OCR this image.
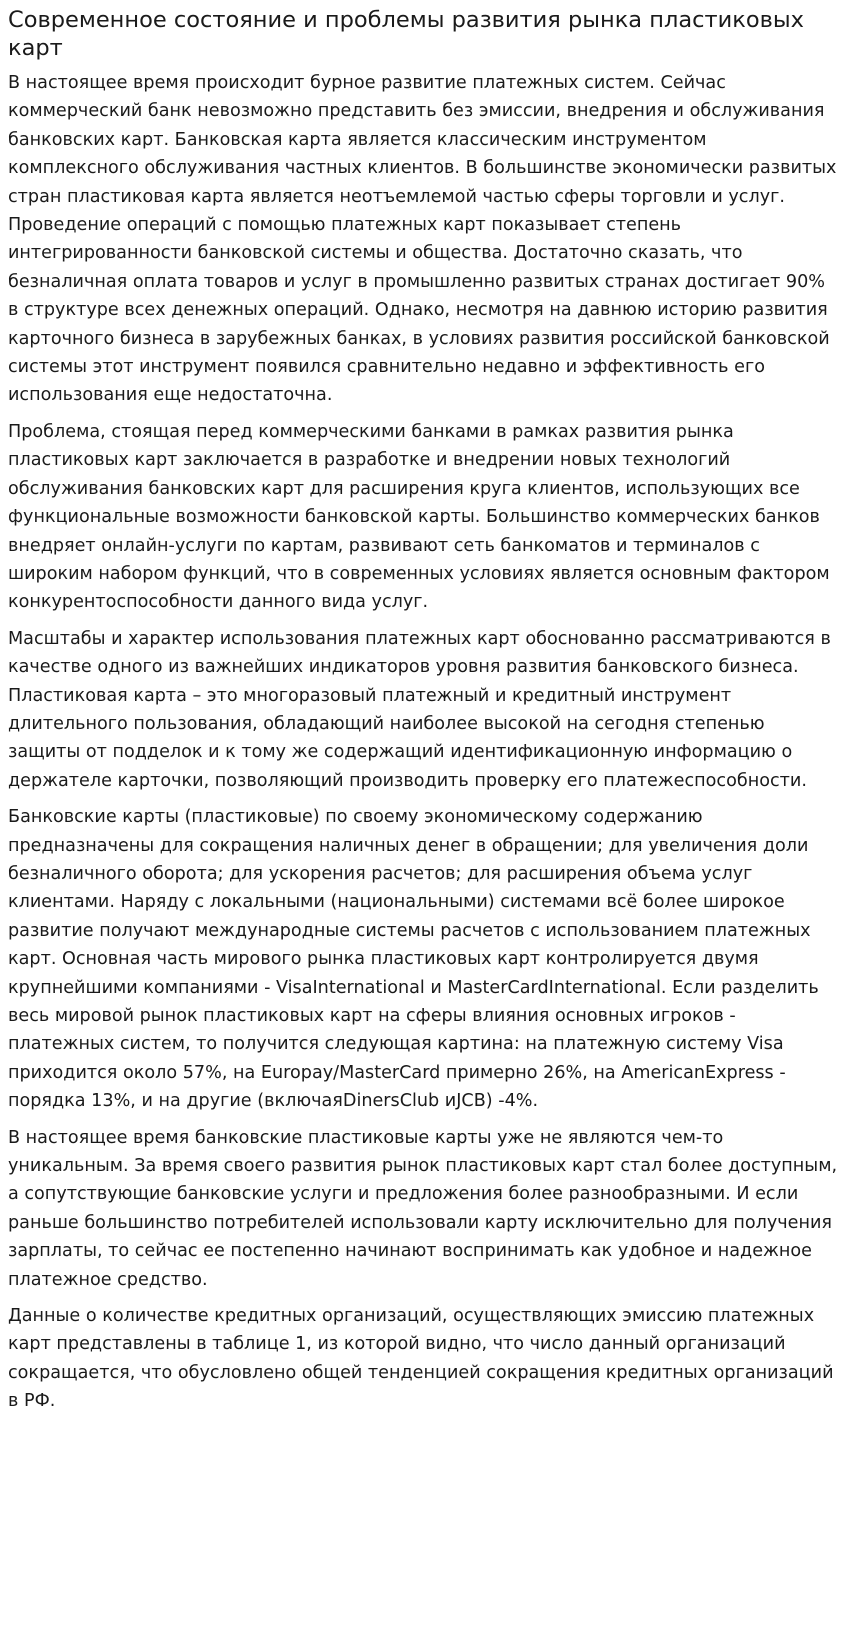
Современное состояние и проблемы развития рынка пластиковых карт

В настоящее время происходит бурное развитие платежных систем. Сейчас коммерческий банк невозможно представить без эмиссии, внедрения и обслуживания банковских карт. Банковская карта является классическим инструментом комплексного обслуживания частных клиентов. В большинстве экономически развитых стран пластиковая карта является неотъемлемой частью сферы торговли и услуг. Проведение операций с помощью платежных карт показывает степень интегрированности банковской системы и общества. Достаточно сказать, что безналичная оплата товаров и услуг в промышленно развитых странах достигает 90% в структуре всех денежных операций. Однако, несмотря на давнюю историю развития карточного бизнеса в зарубежных банках, в условиях развития российской банковской системы этот инструмент появился сравнительно недавно и эффективность его использования еще недостаточна.

Проблема, стоящая перед коммерческими банками в рамках развития рынка пластиковых карт заключается в разработке и внедрении новых технологий обслуживания банковских карт для расширения круга клиентов, использующих все функциональные возможности банковской карты. Большинство коммерческих банков внедряет онлайн-услуги по картам, развивают сеть банкоматов и терминалов с широким набором функций, что в современных условиях является основным фактором конкурентоспособности данного вида услуг.

Масштабы и характер использования платежных карт обоснованно рассматриваются в качестве одного из важнейших индикаторов уровня развития банковского бизнеса. Пластиковая карта – это многоразовый платежный и кредитный инструмент длительного пользования, обладающий наиболее высокой на сегодня степенью защиты от подделок и к тому же содержащий идентификационную информацию о держателе карточки, позволяющий производить проверку его платежеспособности.

Банковские карты (пластиковые) по своему экономическому содержанию предназначены для сокращения наличных денег в обращении; для увеличения доли безналичного оборота; для ускорения расчетов; для расширения объема услуг клиентами. Наряду с локальными (национальными) системами всё более широкое развитие получают международные системы расчетов с использованием платежных карт. Основная часть мирового рынка пластиковых карт контролируется двумя крупнейшими компаниями - VisaInternational и MasterCardInternational. Если разделить весь мировой рынок пластиковых карт на сферы влияния основных игроков - платежных систем, то получится следующая картина: на платежную систему Visa приходится около 57%, на Europay/MasterCard примерно 26%, на AmericanExpress - порядка 13%, и на другие (включаяDinersClub иJCB) -4%.

В настоящее время банковские пластиковые карты уже не являются чем-то уникальным. За время своего развития рынок пластиковых карт стал более доступным, а сопутствующие банковские услуги и предложения более разнообразными. И если раньше большинство потребителей использовали карту исключительно для получения зарплаты, то сейчас ее постепенно начинают воспринимать как удобное и надежное платежное средство.

Данные о количестве кредитных организаций, осуществляющих эмиссию платежных карт представлены в таблице 1, из которой видно, что число данный организаций сокращается, что обусловлено общей тенденцией сокращения кредитных организаций в РФ.
